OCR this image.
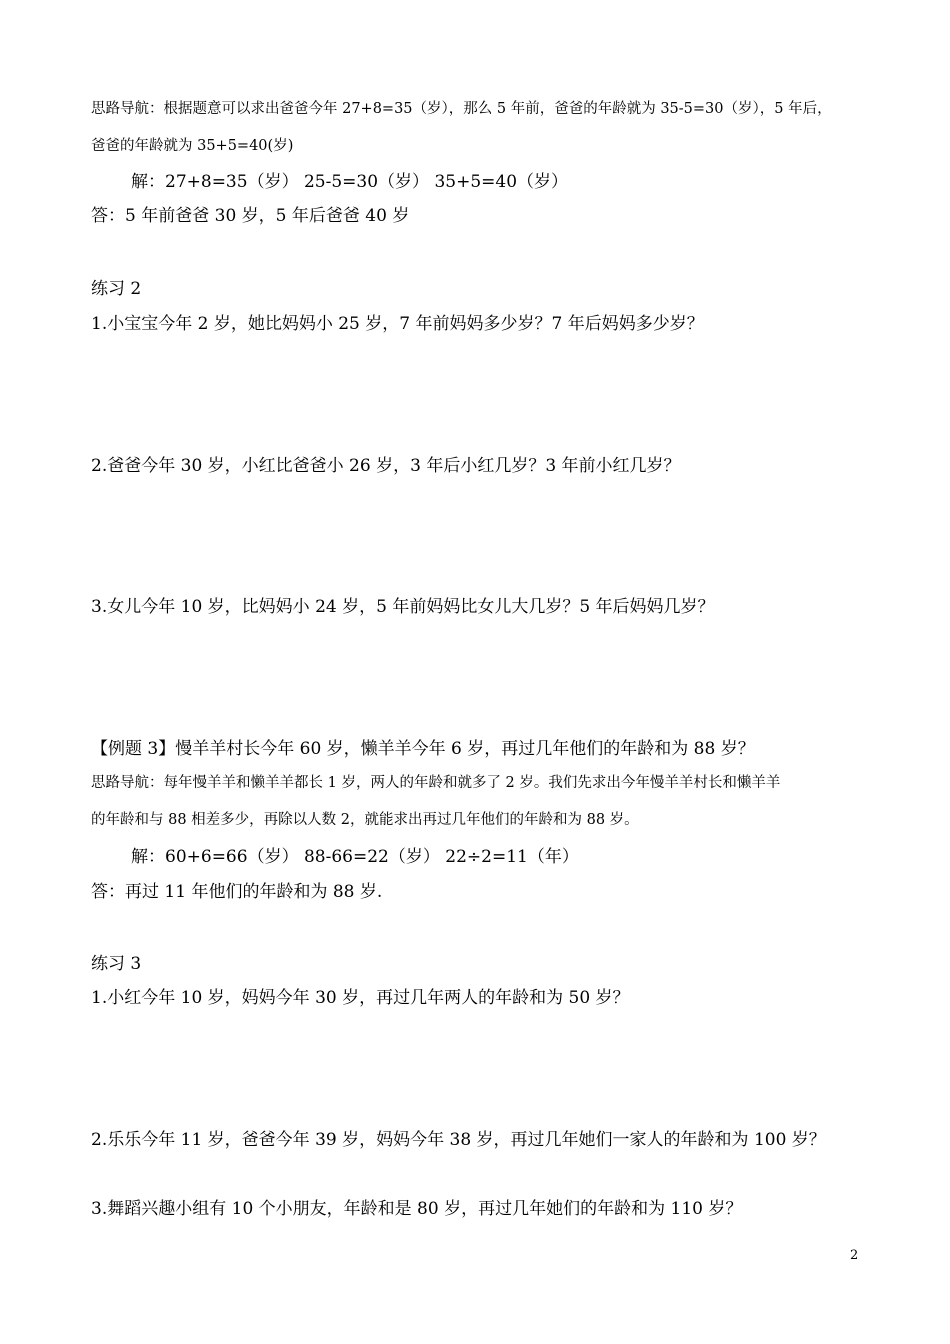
思路导航：根据题意可以求出爸爸今年 27+8=35（岁），那么 5 年前，爸爸的年龄就为 35-5=30（岁），5 年后，
爸爸的年龄就为 35+5=40(岁)
解：27+8=35（岁） 25-5=30（岁） 35+5=40（岁）
答：5 年前爸爸 30 岁，5 年后爸爸 40 岁
练习 2
1.小宝宝今年 2 岁，她比妈妈小 25 岁，7 年前妈妈多少岁？7 年后妈妈多少岁？
2.爸爸今年 30 岁，小红比爸爸小 26 岁，3 年后小红几岁？3 年前小红几岁？
3.女儿今年 10 岁，比妈妈小 24 岁，5 年前妈妈比女儿大几岁？5 年后妈妈几岁？
【例题 3】慢羊羊村长今年 60 岁，懒羊羊今年 6 岁，再过几年他们的年龄和为 88 岁？
思路导航：每年慢羊羊和懒羊羊都长 1 岁，两人的年龄和就多了 2 岁。我们先求出今年慢羊羊村长和懒羊羊
的年龄和与 88 相差多少，再除以人数 2，就能求出再过几年他们的年龄和为 88 岁。
解：60+6=66（岁） 88-66=22（岁） 22÷2=11（年）
答：再过 11 年他们的年龄和为 88 岁.
练习 3
1.小红今年 10 岁，妈妈今年 30 岁，再过几年两人的年龄和为 50 岁？
2.乐乐今年 11 岁，爸爸今年 39 岁，妈妈今年 38 岁，再过几年她们一家人的年龄和为 100 岁？
3.舞蹈兴趣小组有 10 个小朋友，年龄和是 80 岁，再过几年她们的年龄和为 110 岁？
2
